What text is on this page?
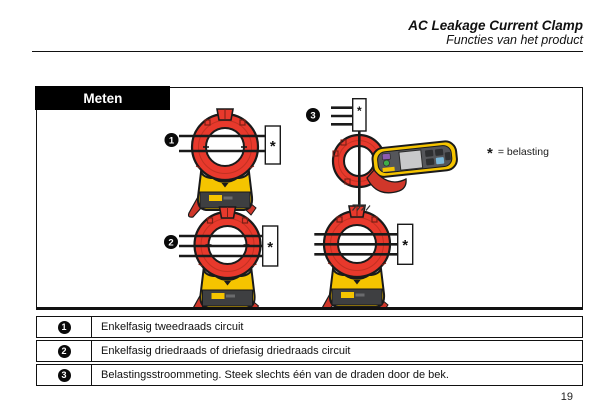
AC Leakage Current Clamp
Functies van het product
Meten
* = belasting
*
1
*
2	*
3	*
1	Enkelfasig tweedraads circuit
2	Enkelfasig driedraads of driefasig driedraads circuit
3	Belastingsstroommeting. Steek slechts één van de draden door de bek.
19
